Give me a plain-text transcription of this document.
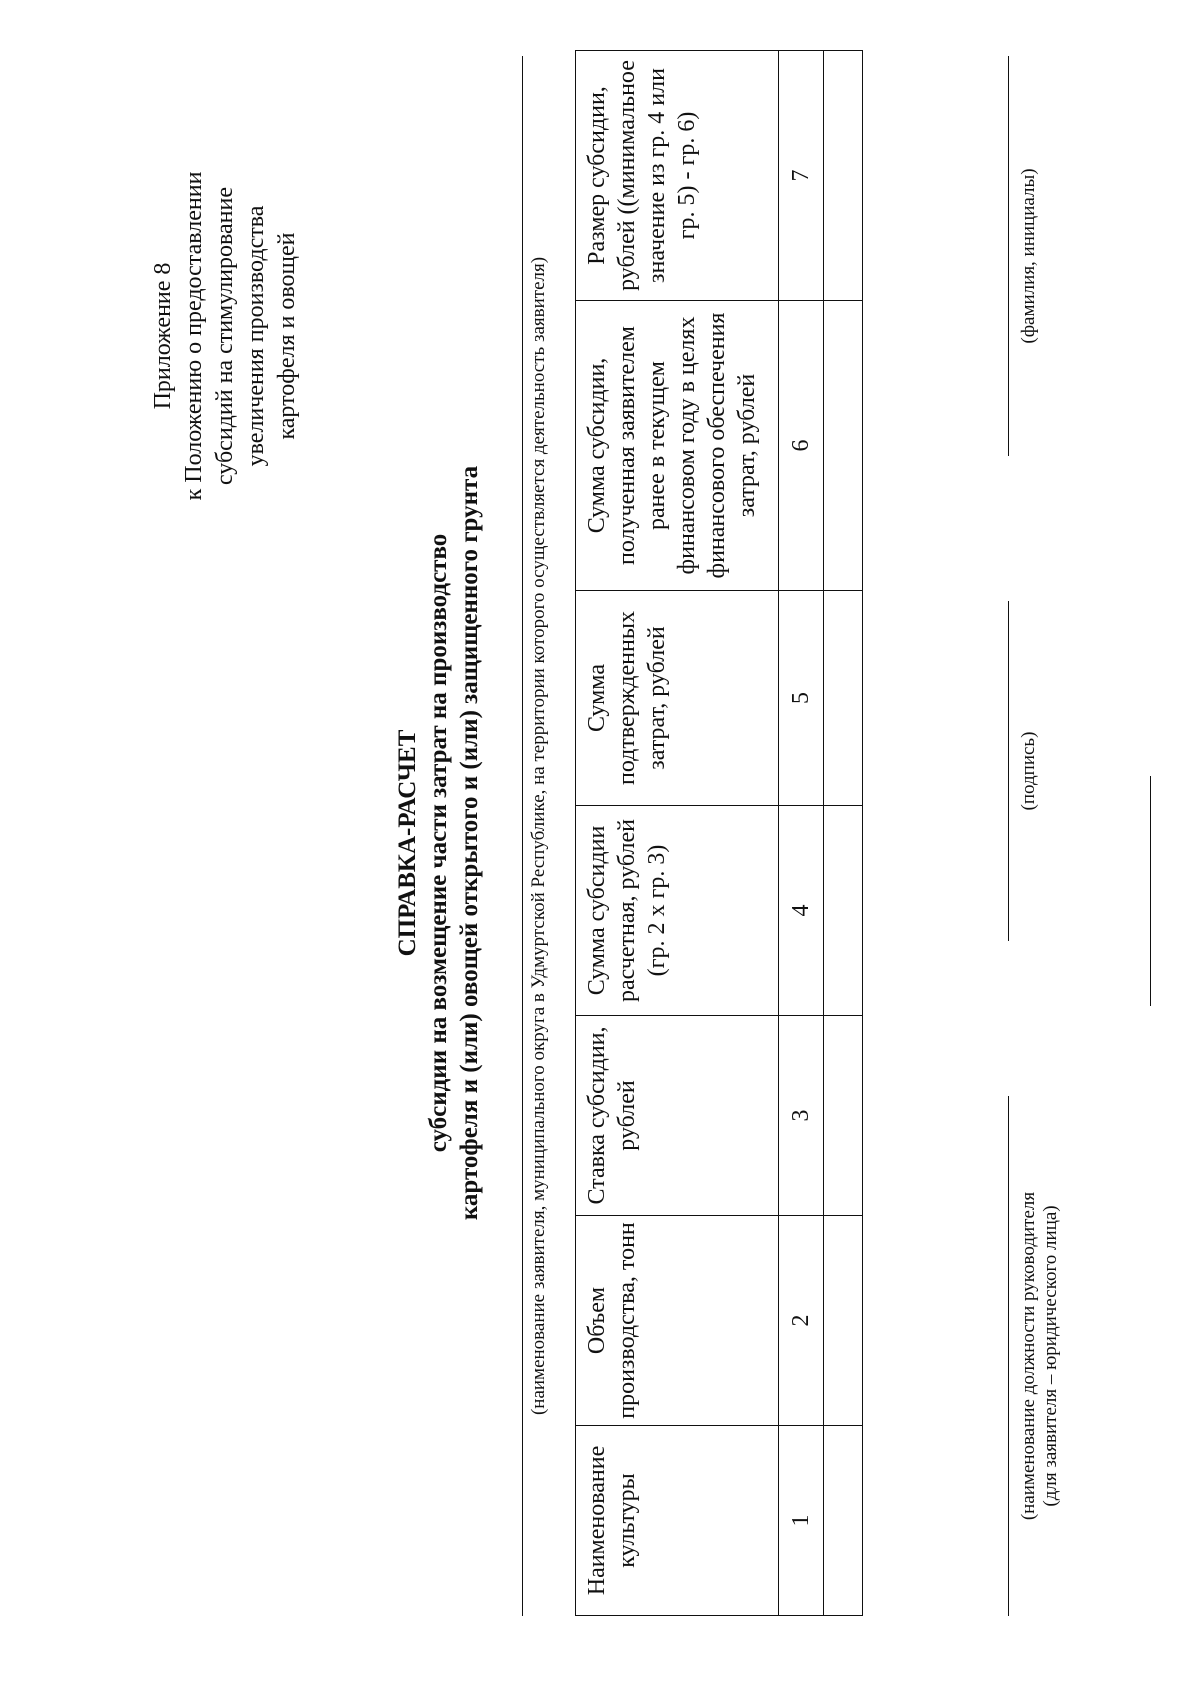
Приложение 8 к Положению о предоставлении субсидий на стимулирование увеличения производства картофеля и овощей
СПРАВКА-РАСЧЕТ субсидии на возмещение части затрат на производство картофеля и (или) овощей открытого и (или) защищенного грунта (наименование заявителя, муниципального округа в Удмуртской Республике, на территории которого осуществляется деятельность заявителя)
Наименование культуры	Объем производства, тонн	Ставка субсидии, рублей	Сумма субсидии расчетная, рублей (гр. 2 х гр. 3)	Сумма подтвержденных затрат, рублей	Сумма субсидии, полученная заявителем ранее в текущем финансовом году в целях финансового обеспечения затрат, рублей	Размер субсидии, рублей ((минимальное значение из гр. 4 или гр. 5) - гр. 6)
1	2	3	4	5	6	7

(наименование должности руководителя (для заявителя – юридического лица)
(подпись)
(фамилия, инициалы)
